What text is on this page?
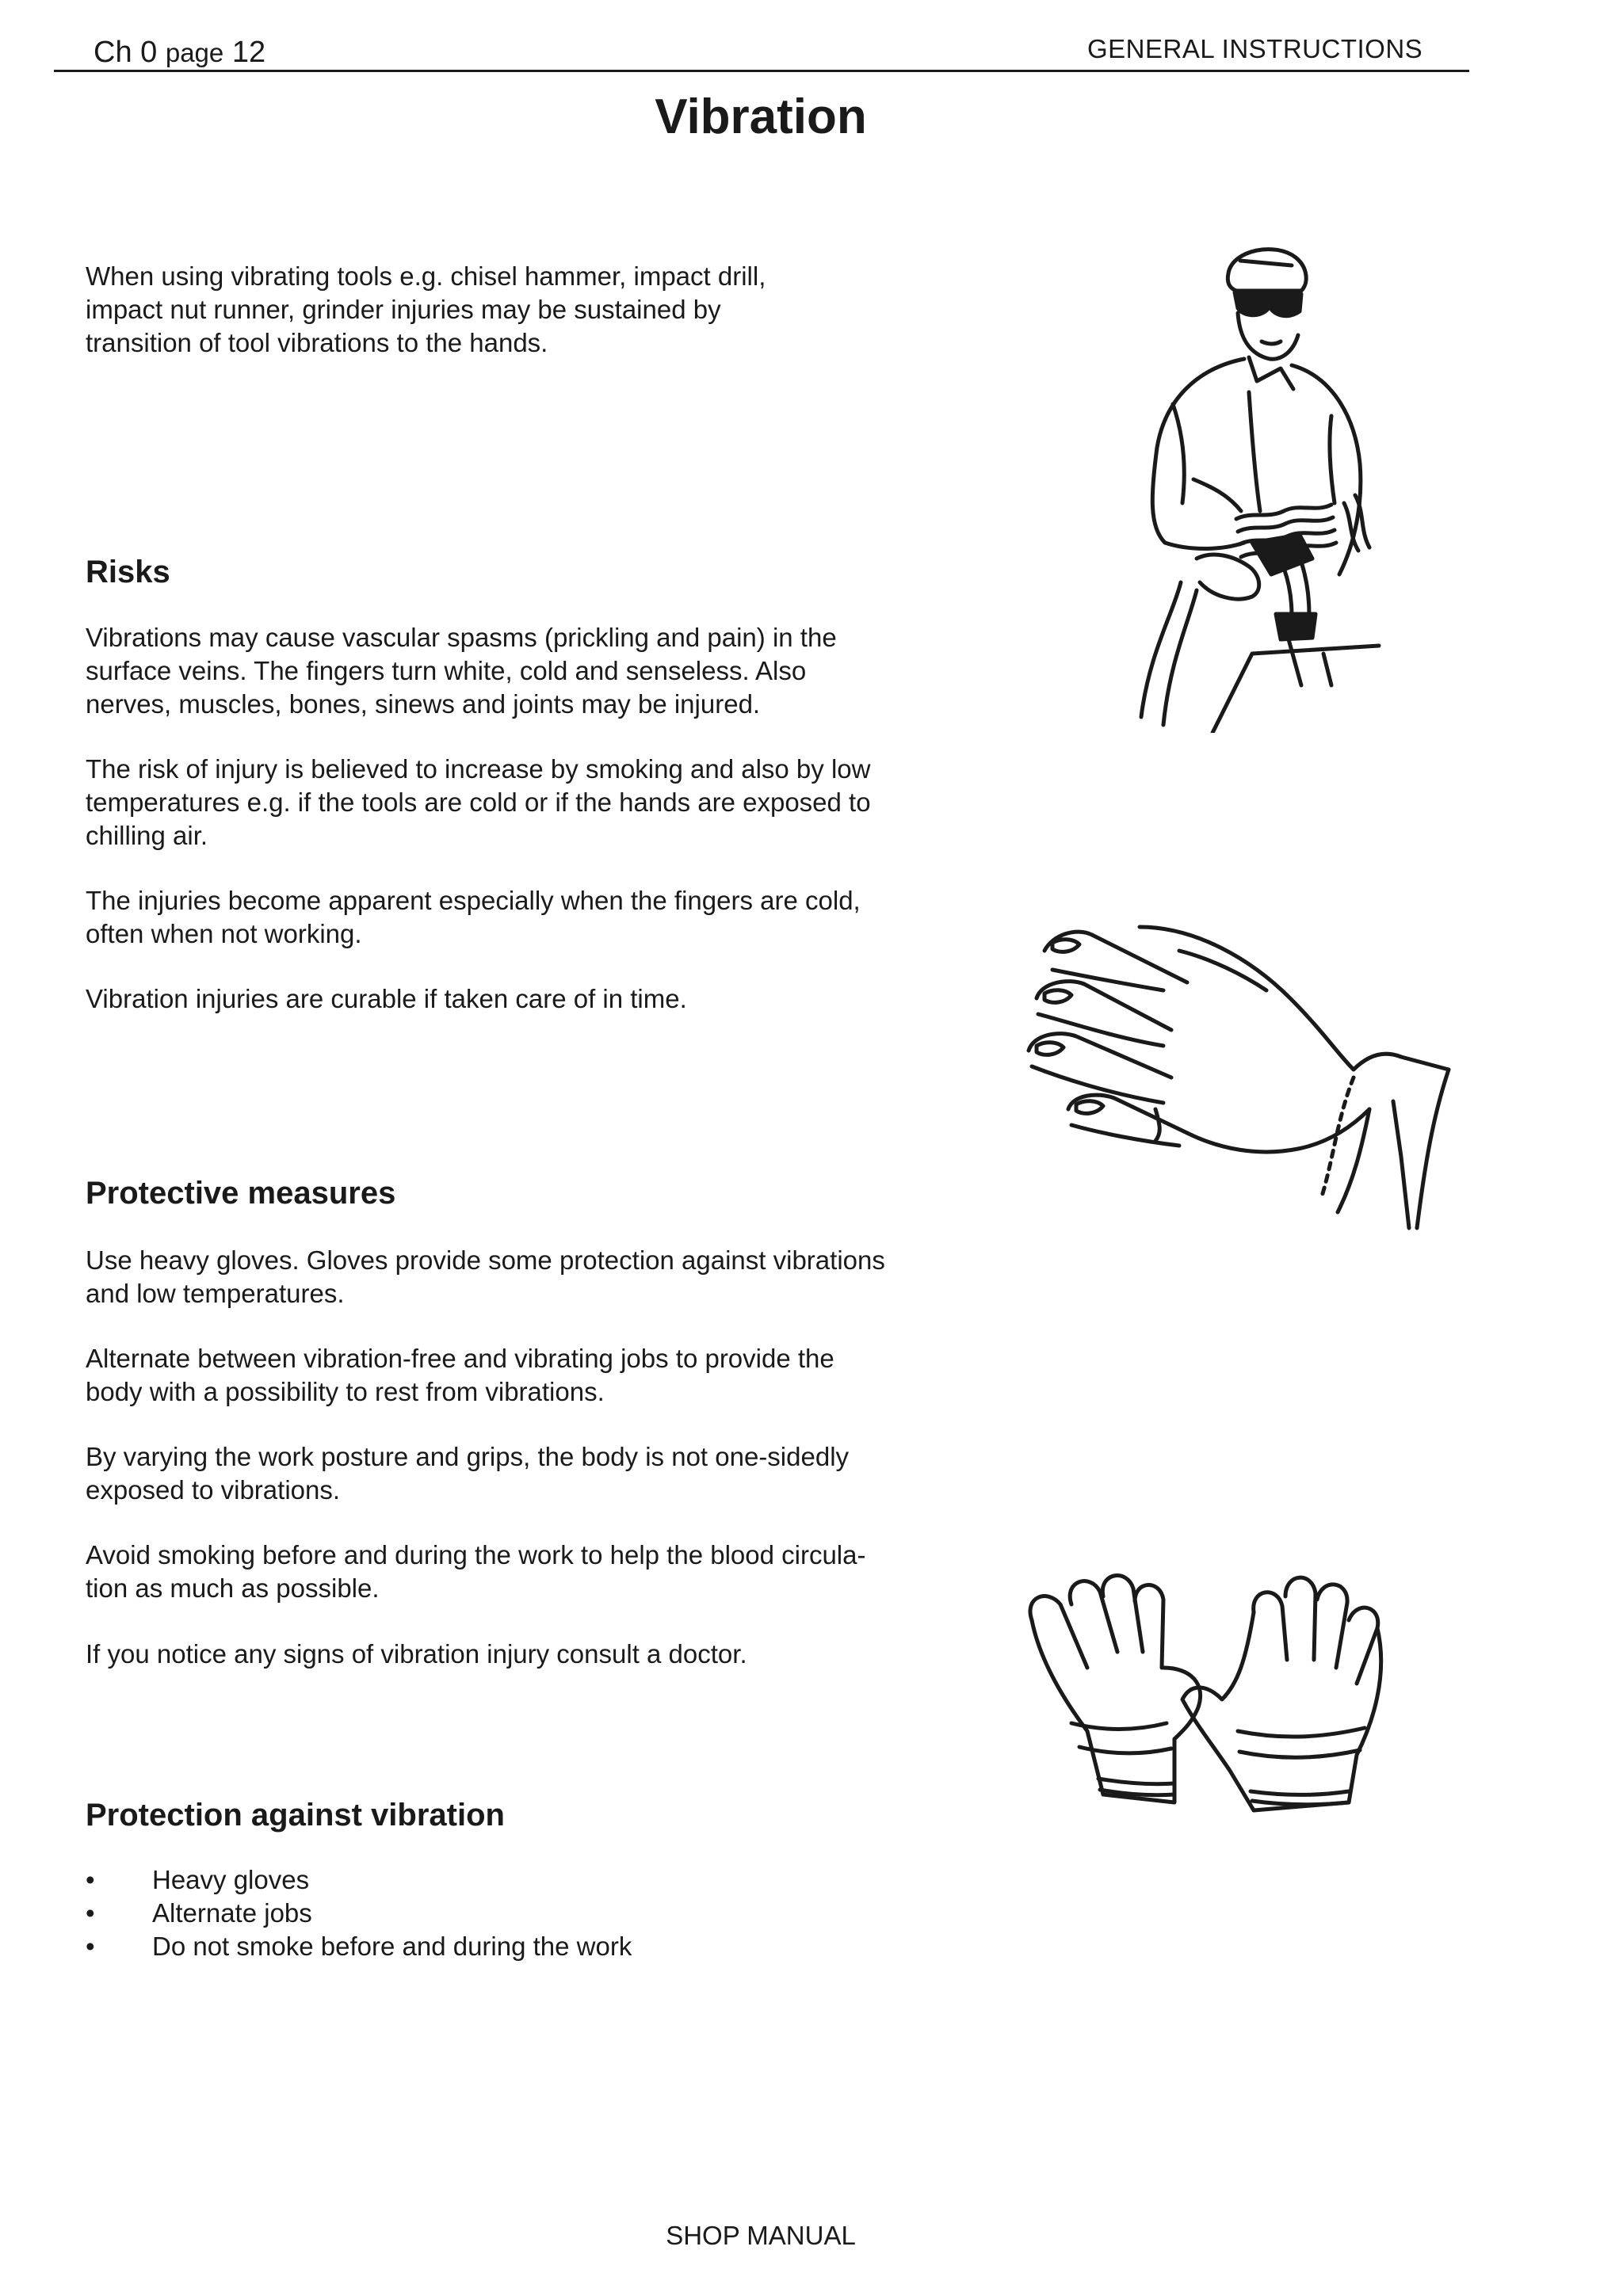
Ch 0 page 12	GENERAL INSTRUCTIONS
Vibration

When using vibrating tools e.g. chisel hammer, impact drill,
impact nut runner, grinder injuries may be sustained by
transition of tool vibrations to the hands.

Risks

Vibrations may cause vascular spasms (prickling and pain) in the
surface veins. The fingers turn white, cold and senseless. Also
nerves, muscles, bones, sinews and joints may be injured.

The risk of injury is believed to increase by smoking and also by low
temperatures e.g. if the tools are cold or if the hands are exposed to
chilling air.

The injuries become apparent especially when the fingers are cold,
often when not working.

Vibration injuries are curable if taken care of in time.

Protective measures

Use heavy gloves. Gloves provide some protection against vibrations
and low temperatures.

Alternate between vibration-free and vibrating jobs to provide the
body with a possibility to rest from vibrations.

By varying the work posture and grips, the body is not one-sidedly
exposed to vibrations.

Avoid smoking before and during the work to help the blood circula-
tion as much as possible.

If you notice any signs of vibration injury consult a doctor.

Protection against vibration
• Heavy gloves
• Alternate jobs
• Do not smoke before and during the work
SHOP MANUAL
